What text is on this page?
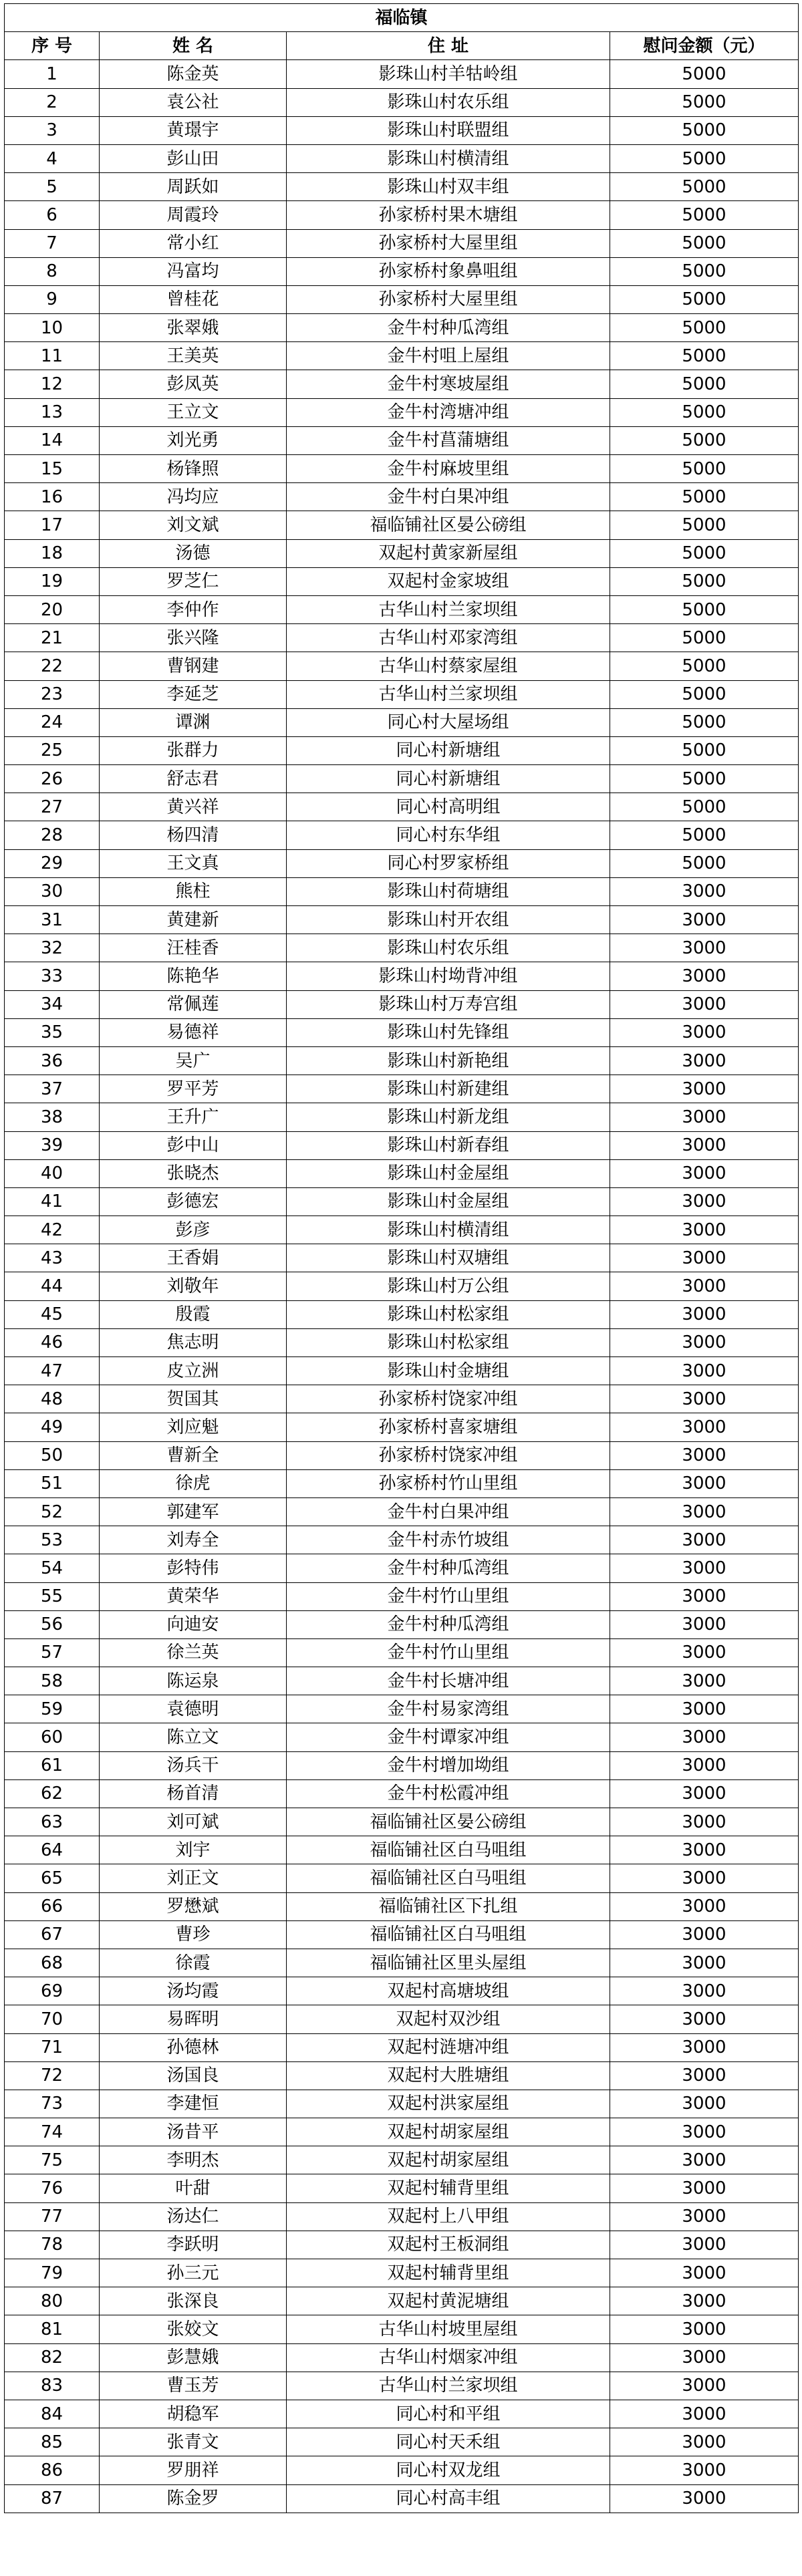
福临镇			
序 号	姓 名	住 址	慰问金额（元）
1	陈金英	影珠山村羊牯岭组	5000
2	袁公社	影珠山村农乐组	5000
3	黄璟宇	影珠山村联盟组	5000
4	彭山田	影珠山村横清组	5000
5	周跃如	影珠山村双丰组	5000
6	周霞玲	孙家桥村果木塘组	5000
7	常小红	孙家桥村大屋里组	5000
8	冯富均	孙家桥村象鼻咀组	5000
9	曾桂花	孙家桥村大屋里组	5000
10	张翠娥	金牛村种瓜湾组	5000
11	王美英	金牛村咀上屋组	5000
12	彭凤英	金牛村寒坡屋组	5000
13	王立文	金牛村湾塘冲组	5000
14	刘光勇	金牛村菖蒲塘组	5000
15	杨锋照	金牛村麻坡里组	5000
16	冯均应	金牛村白果冲组	5000
17	刘文斌	福临铺社区晏公磅组	5000
18	汤德	双起村黄家新屋组	5000
19	罗芝仁	双起村金家坡组	5000
20	李仲作	古华山村兰家坝组	5000
21	张兴隆	古华山村邓家湾组	5000
22	曹钢建	古华山村蔡家屋组	5000
23	李延芝	古华山村兰家坝组	5000
24	谭渊	同心村大屋场组	5000
25	张群力	同心村新塘组	5000
26	舒志君	同心村新塘组	5000
27	黄兴祥	同心村高明组	5000
28	杨四清	同心村东华组	5000
29	王文真	同心村罗家桥组	5000
30	熊柱	影珠山村荷塘组	3000
31	黄建新	影珠山村开农组	3000
32	汪桂香	影珠山村农乐组	3000
33	陈艳华	影珠山村坳背冲组	3000
34	常佩莲	影珠山村万寿宫组	3000
35	易德祥	影珠山村先锋组	3000
36	吴广	影珠山村新艳组	3000
37	罗平芳	影珠山村新建组	3000
38	王升广	影珠山村新龙组	3000
39	彭中山	影珠山村新春组	3000
40	张晓杰	影珠山村金屋组	3000
41	彭德宏	影珠山村金屋组	3000
42	彭彦	影珠山村横清组	3000
43	王香娟	影珠山村双塘组	3000
44	刘敬年	影珠山村万公组	3000
45	殷霞	影珠山村松家组	3000
46	焦志明	影珠山村松家组	3000
47	皮立洲	影珠山村金塘组	3000
48	贺国其	孙家桥村饶家冲组	3000
49	刘应魁	孙家桥村喜家塘组	3000
50	曹新全	孙家桥村饶家冲组	3000
51	徐虎	孙家桥村竹山里组	3000
52	郭建军	金牛村白果冲组	3000
53	刘寿全	金牛村赤竹坡组	3000
54	彭特伟	金牛村种瓜湾组	3000
55	黄荣华	金牛村竹山里组	3000
56	向迪安	金牛村种瓜湾组	3000
57	徐兰英	金牛村竹山里组	3000
58	陈运泉	金牛村长塘冲组	3000
59	袁德明	金牛村易家湾组	3000
60	陈立文	金牛村谭家冲组	3000
61	汤兵干	金牛村增加坳组	3000
62	杨首清	金牛村松霞冲组	3000
63	刘可斌	福临铺社区晏公磅组	3000
64	刘宇	福临铺社区白马咀组	3000
65	刘正文	福临铺社区白马咀组	3000
66	罗懋斌	福临铺社区下扎组	3000
67	曹珍	福临铺社区白马咀组	3000
68	徐霞	福临铺社区里头屋组	3000
69	汤均霞	双起村高塘坡组	3000
70	易晖明	双起村双沙组	3000
71	孙德林	双起村涟塘冲组	3000
72	汤国良	双起村大胜塘组	3000
73	李建恒	双起村洪家屋组	3000
74	汤昔平	双起村胡家屋组	3000
75	李明杰	双起村胡家屋组	3000
76	叶甜	双起村辅背里组	3000
77	汤达仁	双起村上八甲组	3000
78	李跃明	双起村王板洞组	3000
79	孙三元	双起村辅背里组	3000
80	张深良	双起村黄泥塘组	3000
81	张姣文	古华山村坡里屋组	3000
82	彭慧娥	古华山村烟家冲组	3000
83	曹玉芳	古华山村兰家坝组	3000
84	胡稳军	同心村和平组	3000
85	张青文	同心村天禾组	3000
86	罗朋祥	同心村双龙组	3000
87	陈金罗	同心村高丰组	3000
